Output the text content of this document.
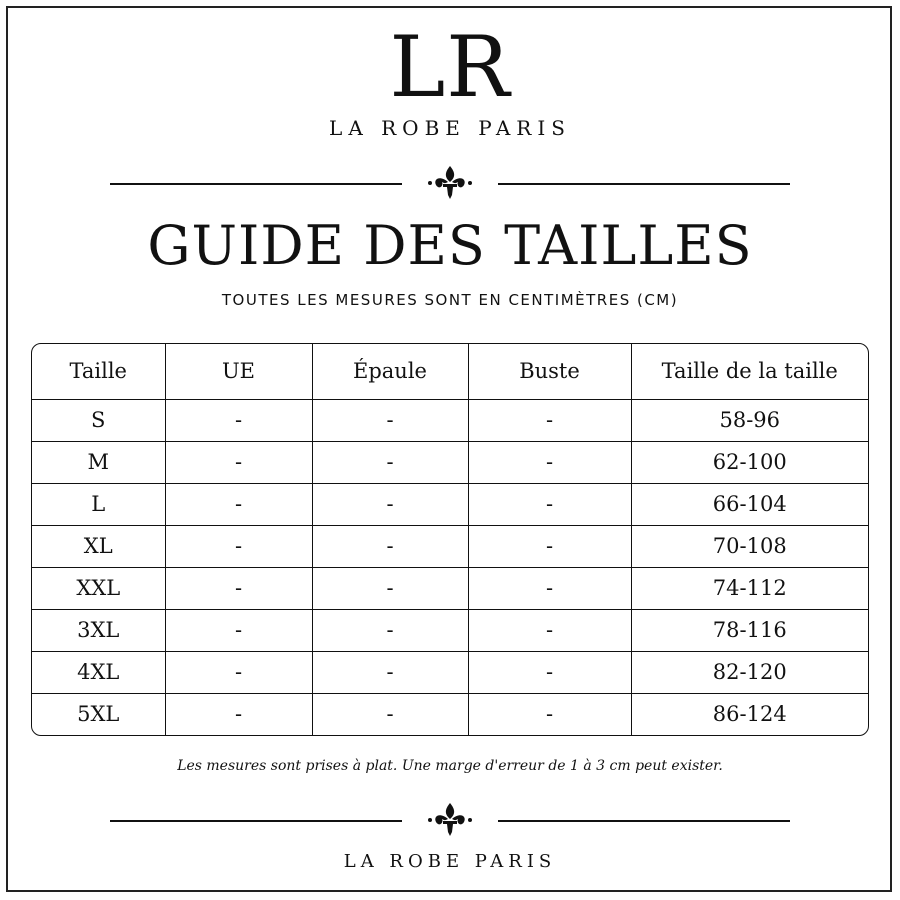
LR
LA ROBE PARIS
GUIDE DES TAILLES
TOUTES LES MESURES SONT EN CENTIMÈTRES (CM)
Taille	UE	Épaule	Buste	Taille de la taille
S	-	-	-	58-96
M	-	-	-	62-100
L	-	-	-	66-104
XL	-	-	-	70-108
XXL	-	-	-	74-112
3XL	-	-	-	78-116
4XL	-	-	-	82-120
5XL	-	-	-	86-124
Les mesures sont prises à plat. Une marge d'erreur de 1 à 3 cm peut exister.
LA ROBE PARIS
